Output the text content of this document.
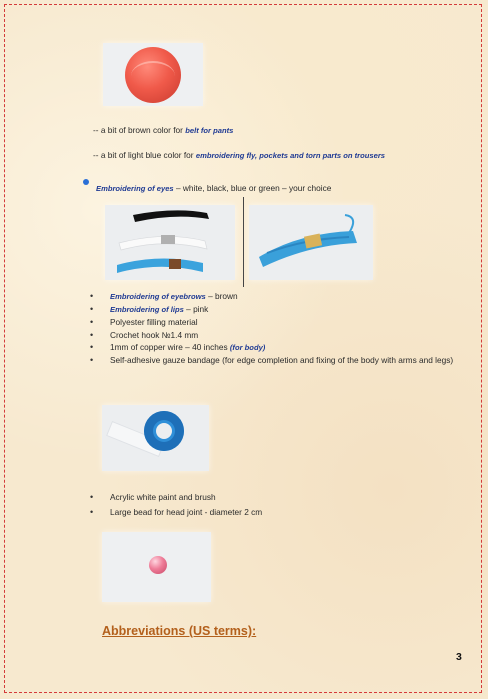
-- a bit of brown color for belt for pants
-- a bit of light blue color for embroidering fly, pockets and torn parts on trousers
Embroidering of eyes – white, black, blue or green – your choice
• Embroidering of eyebrows – brown
• Embroidering of lips – pink
• Polyester filling material
• Crochet hook №1.4 mm
• 1mm of copper wire – 40 inches (for body)
• Self-adhesive gauze bandage (for edge completion and fixing of the body with arms and legs)
• Acrylic white paint and brush
• Large bead for head joint - diameter 2 cm
Abbreviations (US terms):
3
